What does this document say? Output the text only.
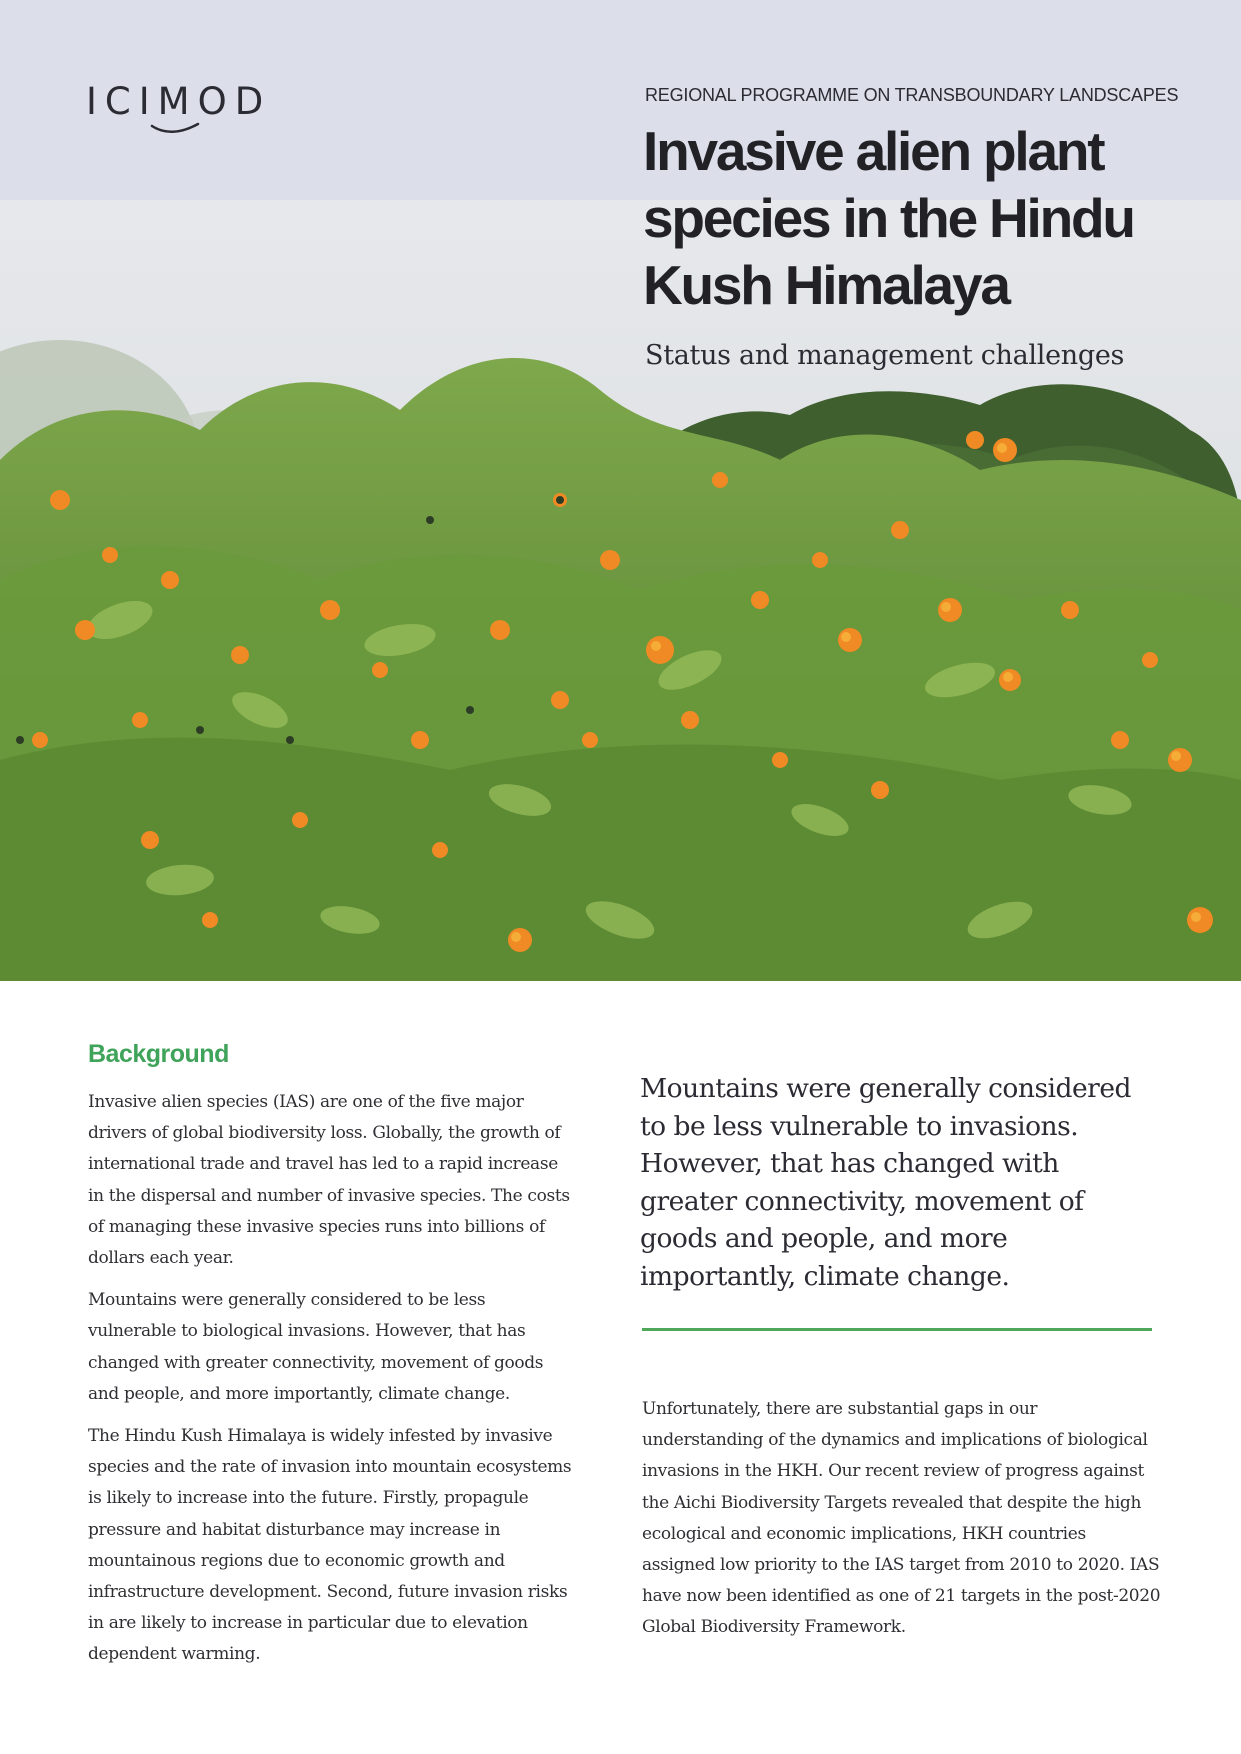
ICIMOD	REGIONAL PROGRAMME ON TRANSBOUNDARY LANDSCAPES
Invasive alien plant species in the Hindu Kush Himalaya
Status and management challenges
Background

Invasive alien species (IAS) are one of the five major drivers of global biodiversity loss. Globally, the growth of international trade and travel has led to a rapid increase in the dispersal and number of invasive species. The costs of managing these invasive species runs into billions of dollars each year.

Mountains were generally considered to be less vulnerable to biological invasions. However, that has changed with greater connectivity, movement of goods and people, and more importantly, climate change.

The Hindu Kush Himalaya is widely infested by invasive species and the rate of invasion into mountain ecosystems is likely to increase into the future. Firstly, propagule pressure and habitat disturbance may increase in mountainous regions due to economic growth and infrastructure development. Second, future invasion risks in are likely to increase in particular due to elevation dependent warming.

Mountains were generally considered to be less vulnerable to invasions. However, that has changed with greater connectivity, movement of goods and people, and more importantly, climate change.

Unfortunately, there are substantial gaps in our understanding of the dynamics and implications of biological invasions in the HKH. Our recent review of progress against the Aichi Biodiversity Targets revealed that despite the high ecological and economic implications, HKH countries assigned low priority to the IAS target from 2010 to 2020. IAS have now been identified as one of 21 targets in the post-2020 Global Biodiversity Framework.
